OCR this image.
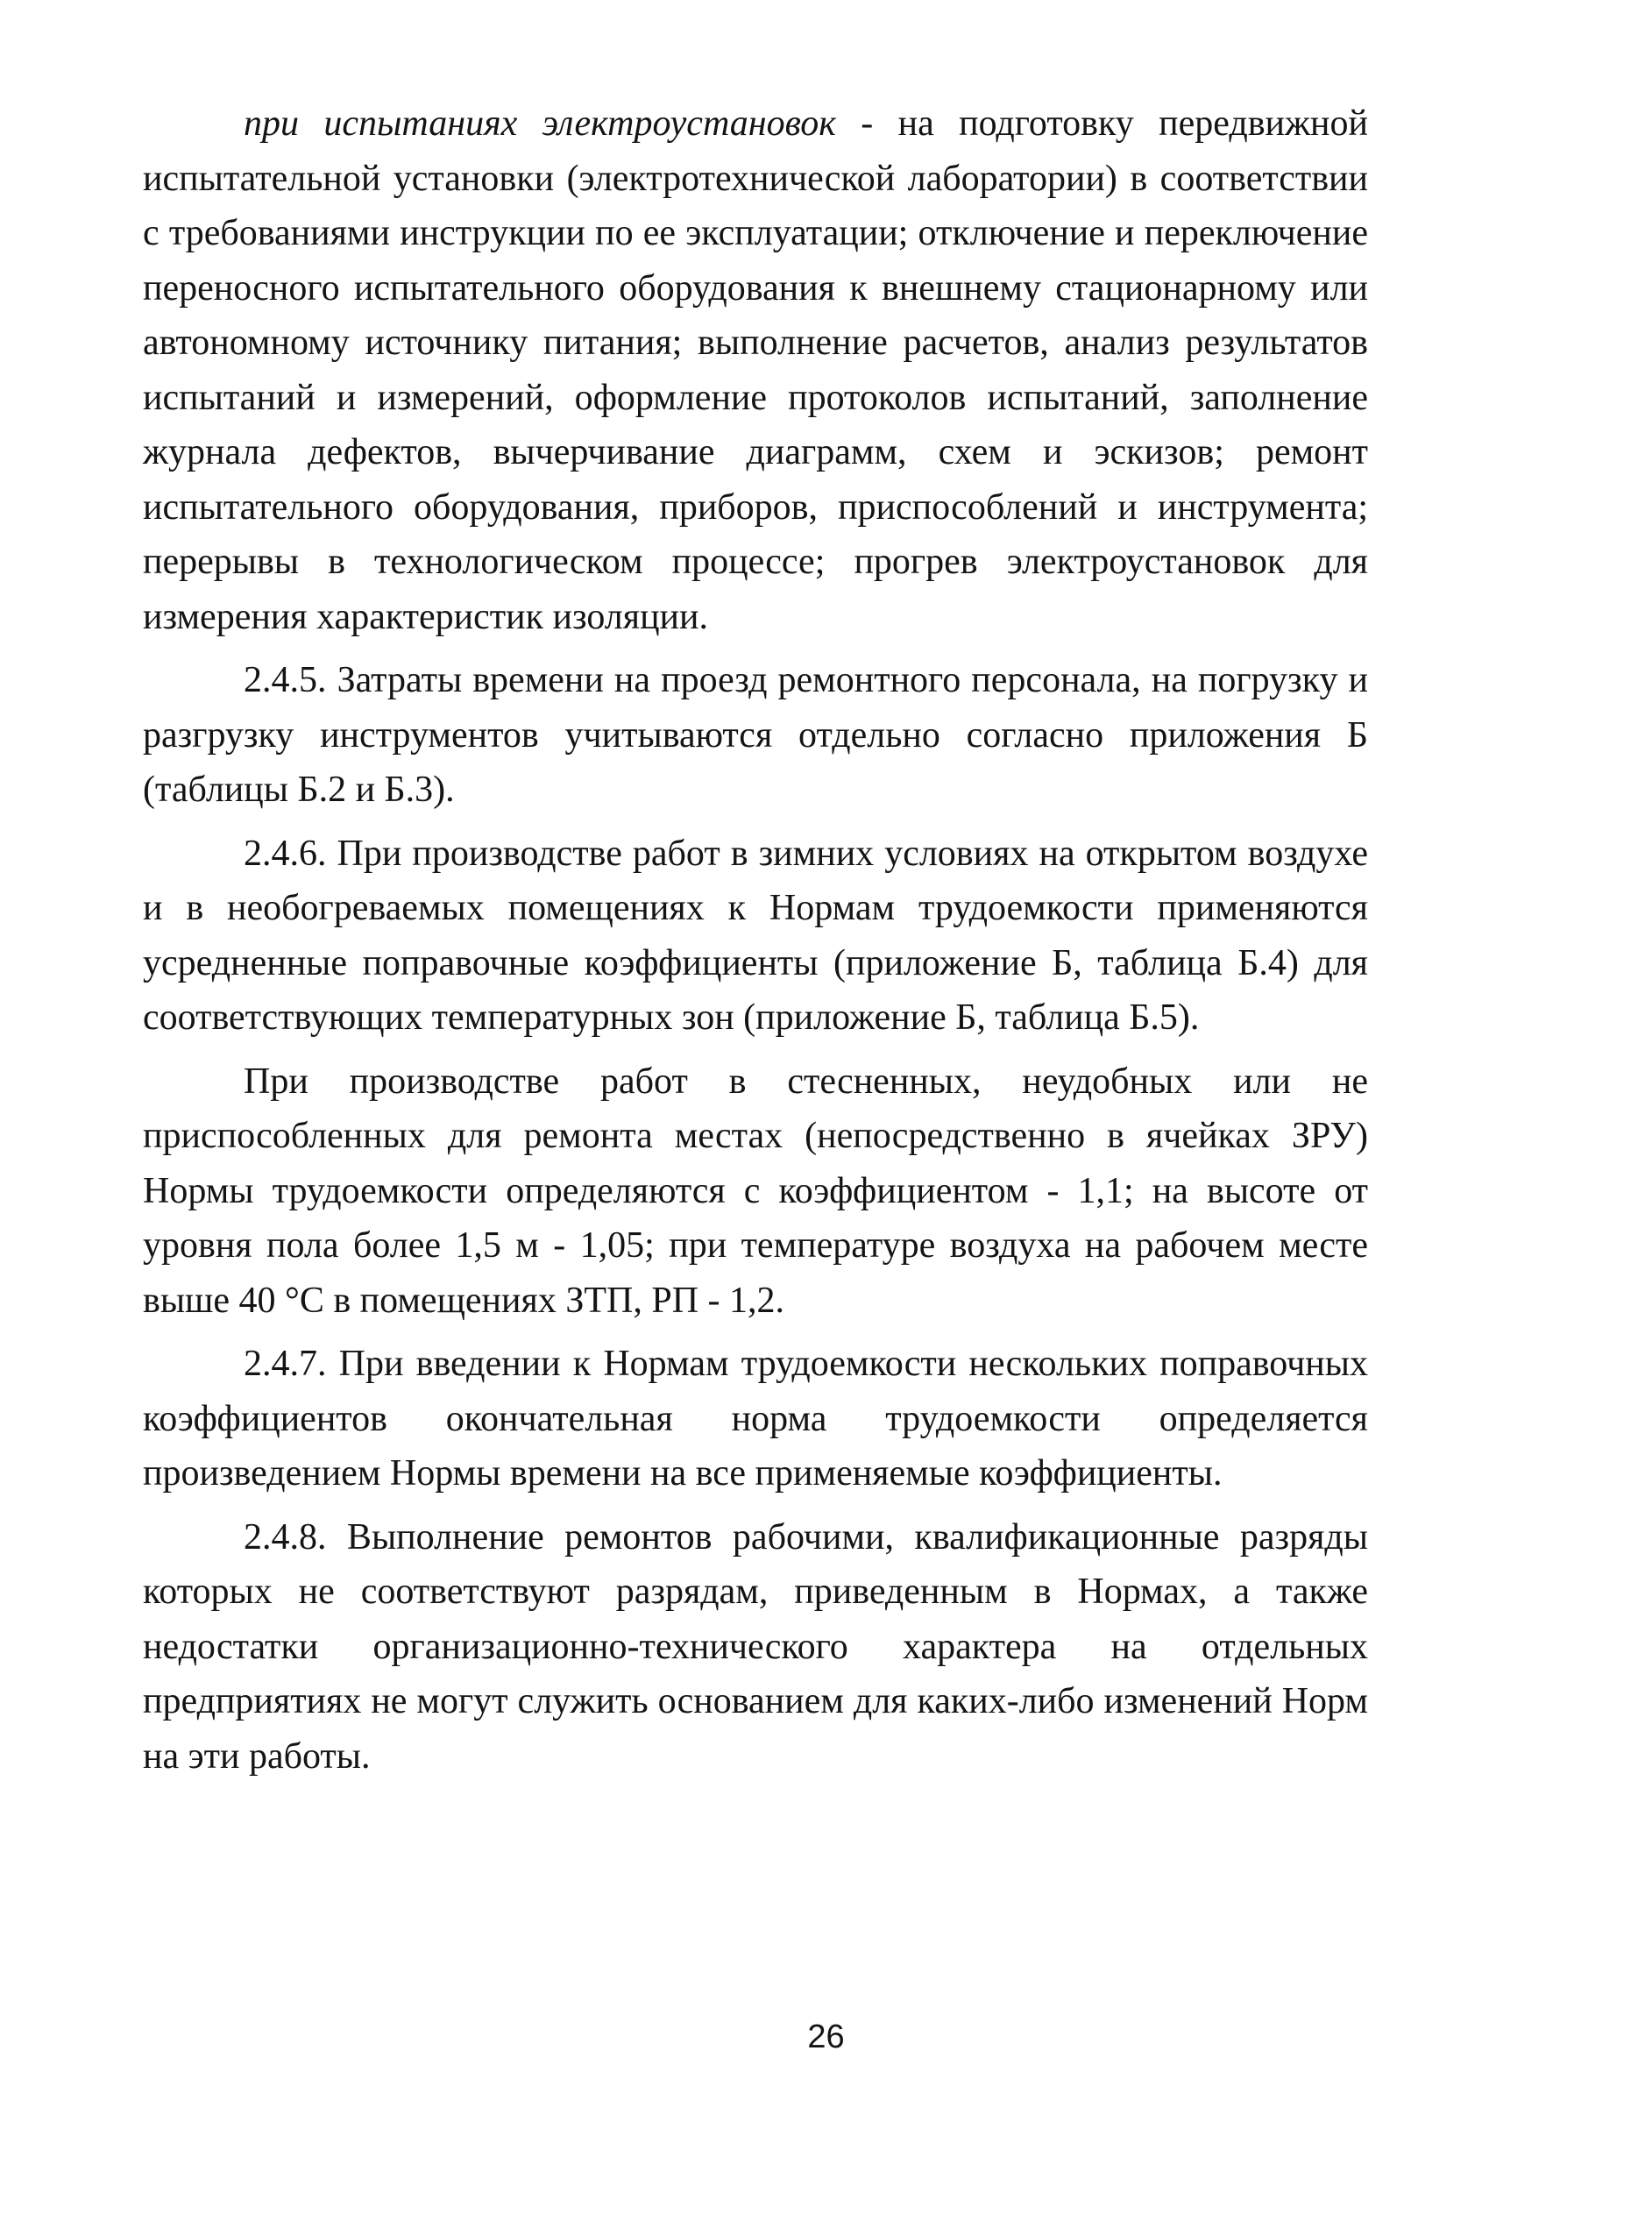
при испытаниях электроустановок - на подготовку передвижной испытательной установки (электротехнической лаборатории) в соответствии с требованиями инструкции по ее эксплуатации; отключение и переключение переносного испытательного оборудования к внешнему стационарному или автономному источнику питания; выполнение расчетов, анализ результатов испытаний и измерений, оформление протоколов испытаний, заполнение журнала дефектов, вычерчивание диаграмм, схем и эскизов; ремонт испытательного оборудования, приборов, приспособлений и инструмента; перерывы в технологическом процессе; прогрев электроустановок для измерения характеристик изоляции.

2.4.5. Затраты времени на проезд ремонтного персонала, на погрузку и разгрузку инструментов учитываются отдельно согласно приложения Б (таблицы Б.2 и Б.3).

2.4.6. При производстве работ в зимних условиях на открытом воздухе и в необогреваемых помещениях к Нормам трудоемкости применяются усредненные поправочные коэффициенты (приложение Б, таблица Б.4) для соответствующих температурных зон (приложение Б, таблица Б.5).

При производстве работ в стесненных, неудобных или не приспособленных для ремонта местах (непосредственно в ячейках ЗРУ) Нормы трудоемкости определяются с коэффициентом - 1,1; на высоте от уровня пола более 1,5 м - 1,05; при температуре воздуха на рабочем месте выше 40 °С в помещениях ЗТП, РП - 1,2.

2.4.7. При введении к Нормам трудоемкости нескольких поправочных коэффициентов окончательная норма трудоемкости определяется произведением Нормы времени на все применяемые коэффициенты.

2.4.8. Выполнение ремонтов рабочими, квалификационные разряды которых не соответствуют разрядам, приведенным в Нормах, а также недостатки организационно-технического характера на отдельных предприятиях не могут служить основанием для каких-либо изменений Норм на эти работы.

26
